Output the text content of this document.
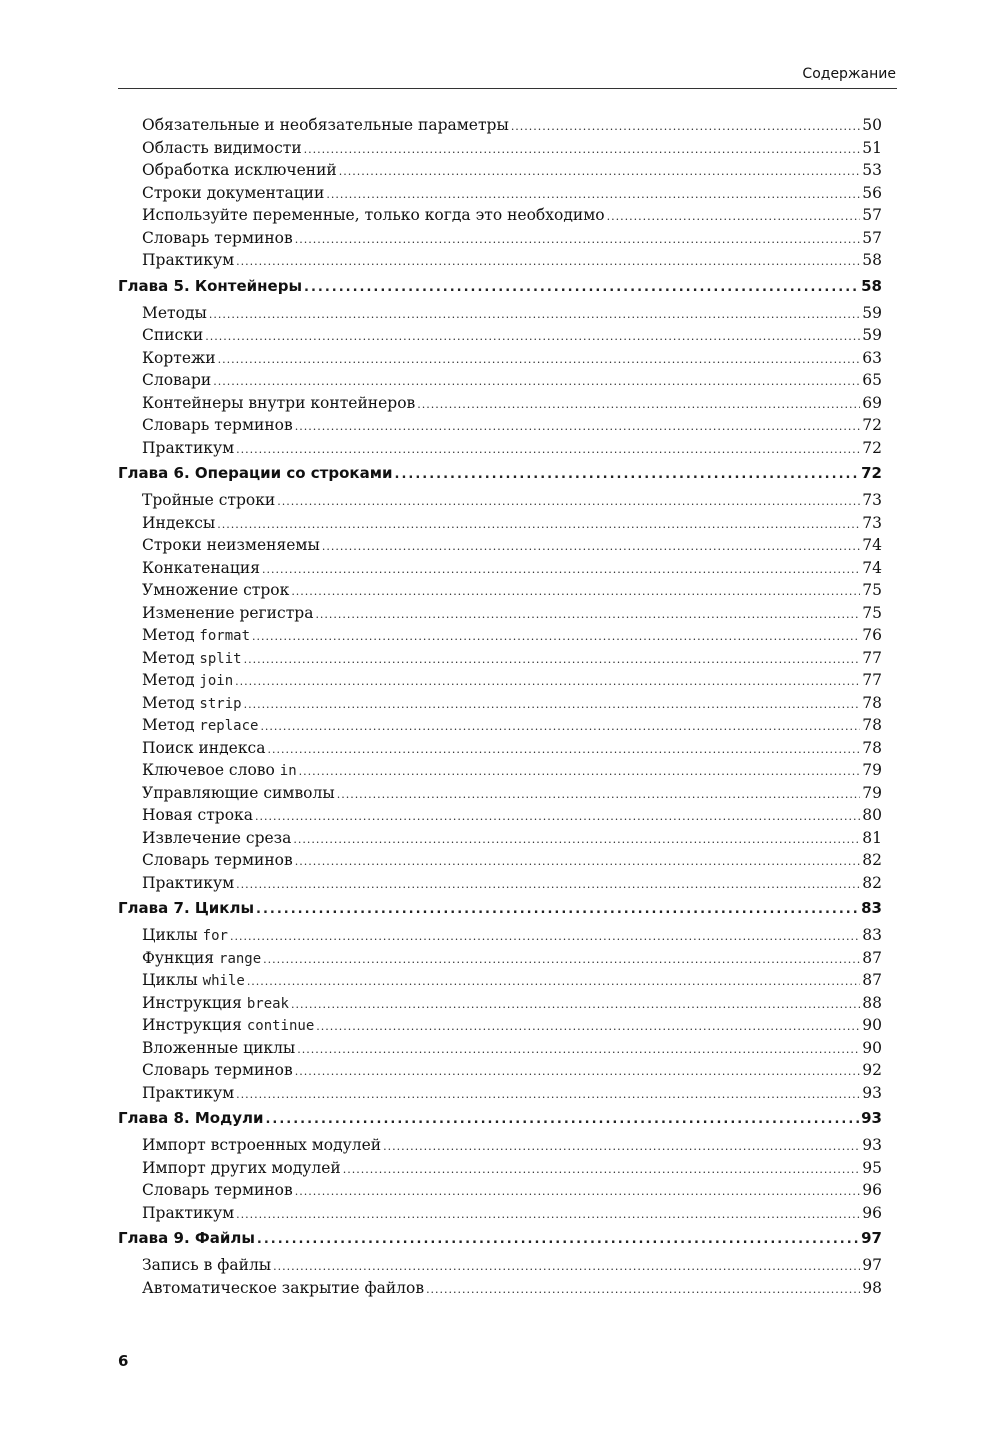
Содержание
Обязательные и необязательные параметры .....	50
Область видимости .....	51
Обработка исключений .....	53
Строки документации .....	56
Используйте переменные, только когда это необходимо .....	57
Словарь терминов .....	57
Практикум .....	58
Глава 5. Контейнеры .....	58
Методы .....	59
Списки .....	59
Кортежи .....	63
Словари .....	65
Контейнеры внутри контейнеров .....	69
Словарь терминов .....	72
Практикум .....	72
Глава 6. Операции со строками .....	72
Тройные строки .....	73
Индексы .....	73
Строки неизменяемы .....	74
Конкатенация .....	74
Умножение строк .....	75
Изменение регистра .....	75
Метод format .....	76
Метод split .....	77
Метод join .....	77
Метод strip .....	78
Метод replace .....	78
Поиск индекса .....	78
Ключевое слово in .....	79
Управляющие символы .....	79
Новая строка .....	80
Извлечение среза .....	81
Словарь терминов .....	82
Практикум .....	82
Глава 7. Циклы .....	83
Циклы for .....	83
Функция range .....	87
Циклы while .....	87
Инструкция break .....	88
Инструкция continue .....	90
Вложенные циклы .....	90
Словарь терминов .....	92
Практикум .....	93
Глава 8. Модули .....	93
Импорт встроенных модулей .....	93
Импорт других модулей .....	95
Словарь терминов .....	96
Практикум .....	96
Глава 9. Файлы .....	97
Запись в файлы .....	97
Автоматическое закрытие файлов .....	98
6
